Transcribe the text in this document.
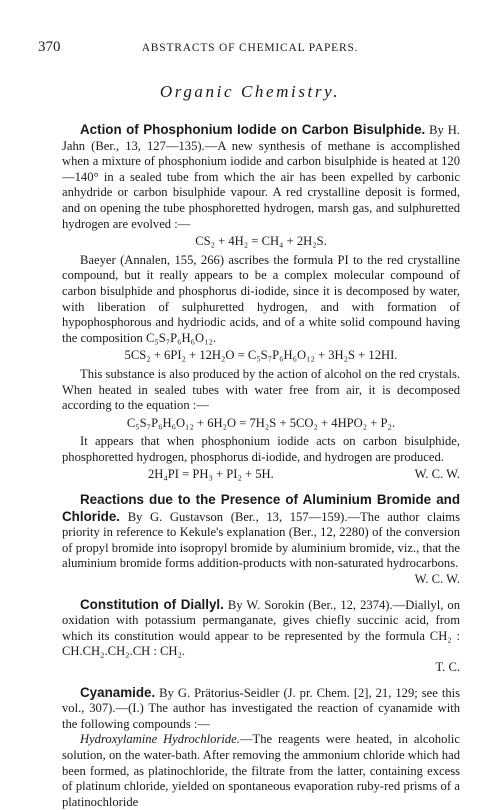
370	ABSTRACTS OF CHEMICAL PAPERS.
Organic Chemistry.

Action of Phosphonium Iodide on Carbon Bisulphide. By H. Jahn (Ber., 13, 127—135).—A new synthesis of methane is accomplished when a mixture of phosphonium iodide and carbon bisulphide is heated at 120—140° in a sealed tube from which the air has been expelled by carbonic anhydride or carbon bisulphide vapour. A red crystalline deposit is formed, and on opening the tube phosphoretted hydrogen, marsh gas, and sulphuretted hydrogen are evolved :—

CS₂ + 4H₂ = CH₄ + 2H₂S.

Baeyer (Annalen, 155, 266) ascribes the formula PI to the red crystalline compound, but it really appears to be a complex molecular compound of carbon bisulphide and phosphorus di-iodide, since it is decomposed by water, with liberation of sulphuretted hydrogen, and with formation of hypophosphorous and hydriodic acids, and of a white solid compound having the composition C₅S₇P₆H₆O₁₂.

5CS₂ + 6PI₂ + 12H₂O = C₅S₇P₆H₆O₁₂ + 3H₂S + 12HI.

This substance is also produced by the action of alcohol on the red crystals. When heated in sealed tubes with water free from air, it is decomposed according to the equation :—

C₅S₇P₆H₆O₁₂ + 6H₂O = 7H₂S + 5CO₂ + 4HPO₂ + P₂.

It appears that when phosphonium iodide acts on carbon bisulphide, phosphoretted hydrogen, phosphorus di-iodide, and hydrogen are produced.

2H₄PI = PH₃ + PI₂ + 5H.	W. C. W.

Reactions due to the Presence of Aluminium Bromide and Chloride. By G. Gustavson (Ber., 13, 157—159).—The author claims priority in reference to Kekule's explanation (Ber., 12, 2280) of the conversion of propyl bromide into isopropyl bromide by aluminium bromide, viz., that the aluminium bromide forms addition-products with non-saturated hydrocarbons.

W. C. W.

Constitution of Diallyl. By W. Sorokin (Ber., 12, 2374).—Diallyl, on oxidation with potassium permanganate, gives chiefly succinic acid, from which its constitution would appear to be represented by the formula CH₂ : CH.CH₂.CH₂.CH : CH₂.

T. C.

Cyanamide. By G. Prätorius-Seidler (J. pr. Chem. [2], 21, 129; see this vol., 307).—(I.) The author has investigated the reaction of cyanamide with the following compounds :—

Hydroxylamine Hydrochloride.—The reagents were heated, in alcoholic solution, on the water-bath. After removing the ammonium chloride which had been formed, as platinochloride, the filtrate from the latter, containing excess of platinum chloride, yielded on spontaneous evaporation ruby-red prisms of a platinochloride
